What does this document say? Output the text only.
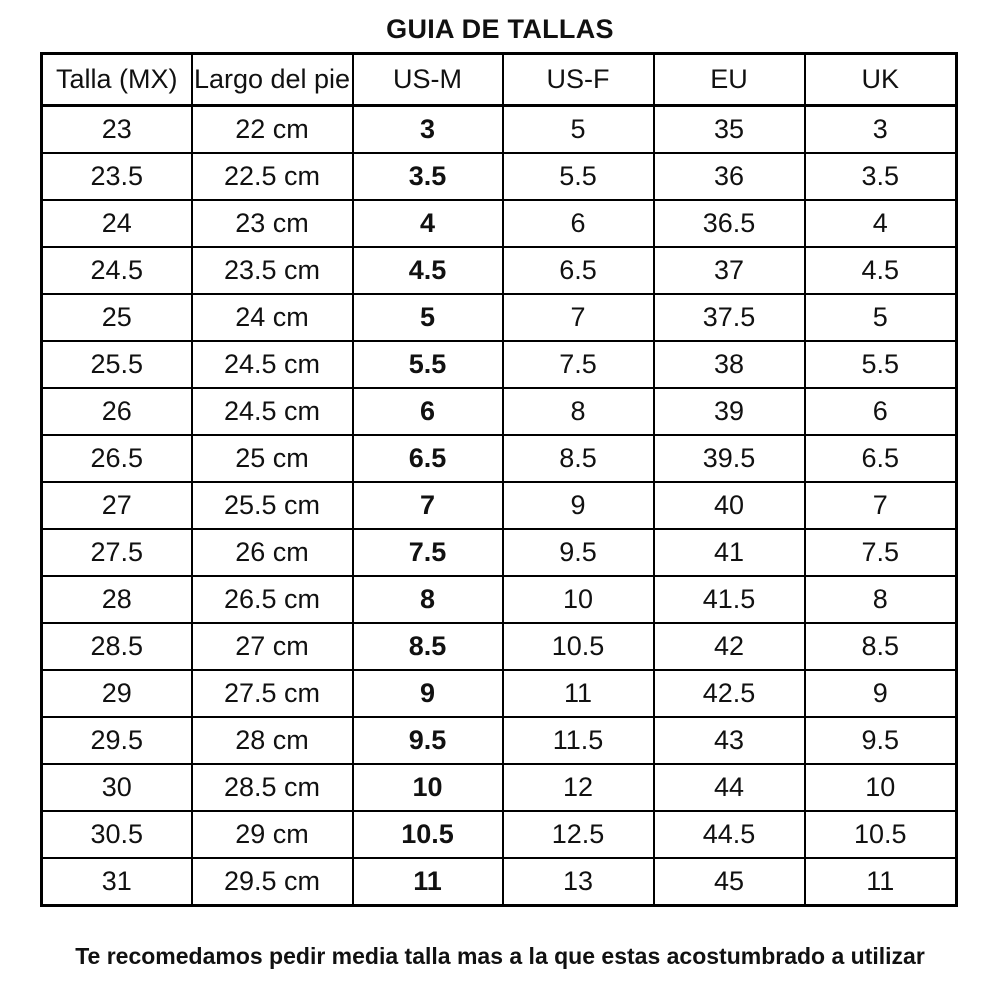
GUIA DE TALLAS
Talla (MX)	Largo del pie	US-M	US-F	EU	UK
23	22 cm	3	5	35	3
23.5	22.5 cm	3.5	5.5	36	3.5
24	23 cm	4	6	36.5	4
24.5	23.5 cm	4.5	6.5	37	4.5
25	24 cm	5	7	37.5	5
25.5	24.5 cm	5.5	7.5	38	5.5
26	24.5 cm	6	8	39	6
26.5	25 cm	6.5	8.5	39.5	6.5
27	25.5 cm	7	9	40	7
27.5	26 cm	7.5	9.5	41	7.5
28	26.5 cm	8	10	41.5	8
28.5	27 cm	8.5	10.5	42	8.5
29	27.5 cm	9	11	42.5	9
29.5	28 cm	9.5	11.5	43	9.5
30	28.5 cm	10	12	44	10
30.5	29 cm	10.5	12.5	44.5	10.5
31	29.5 cm	11	13	45	11
Te recomedamos pedir media talla mas a la que estas acostumbrado a utilizar
